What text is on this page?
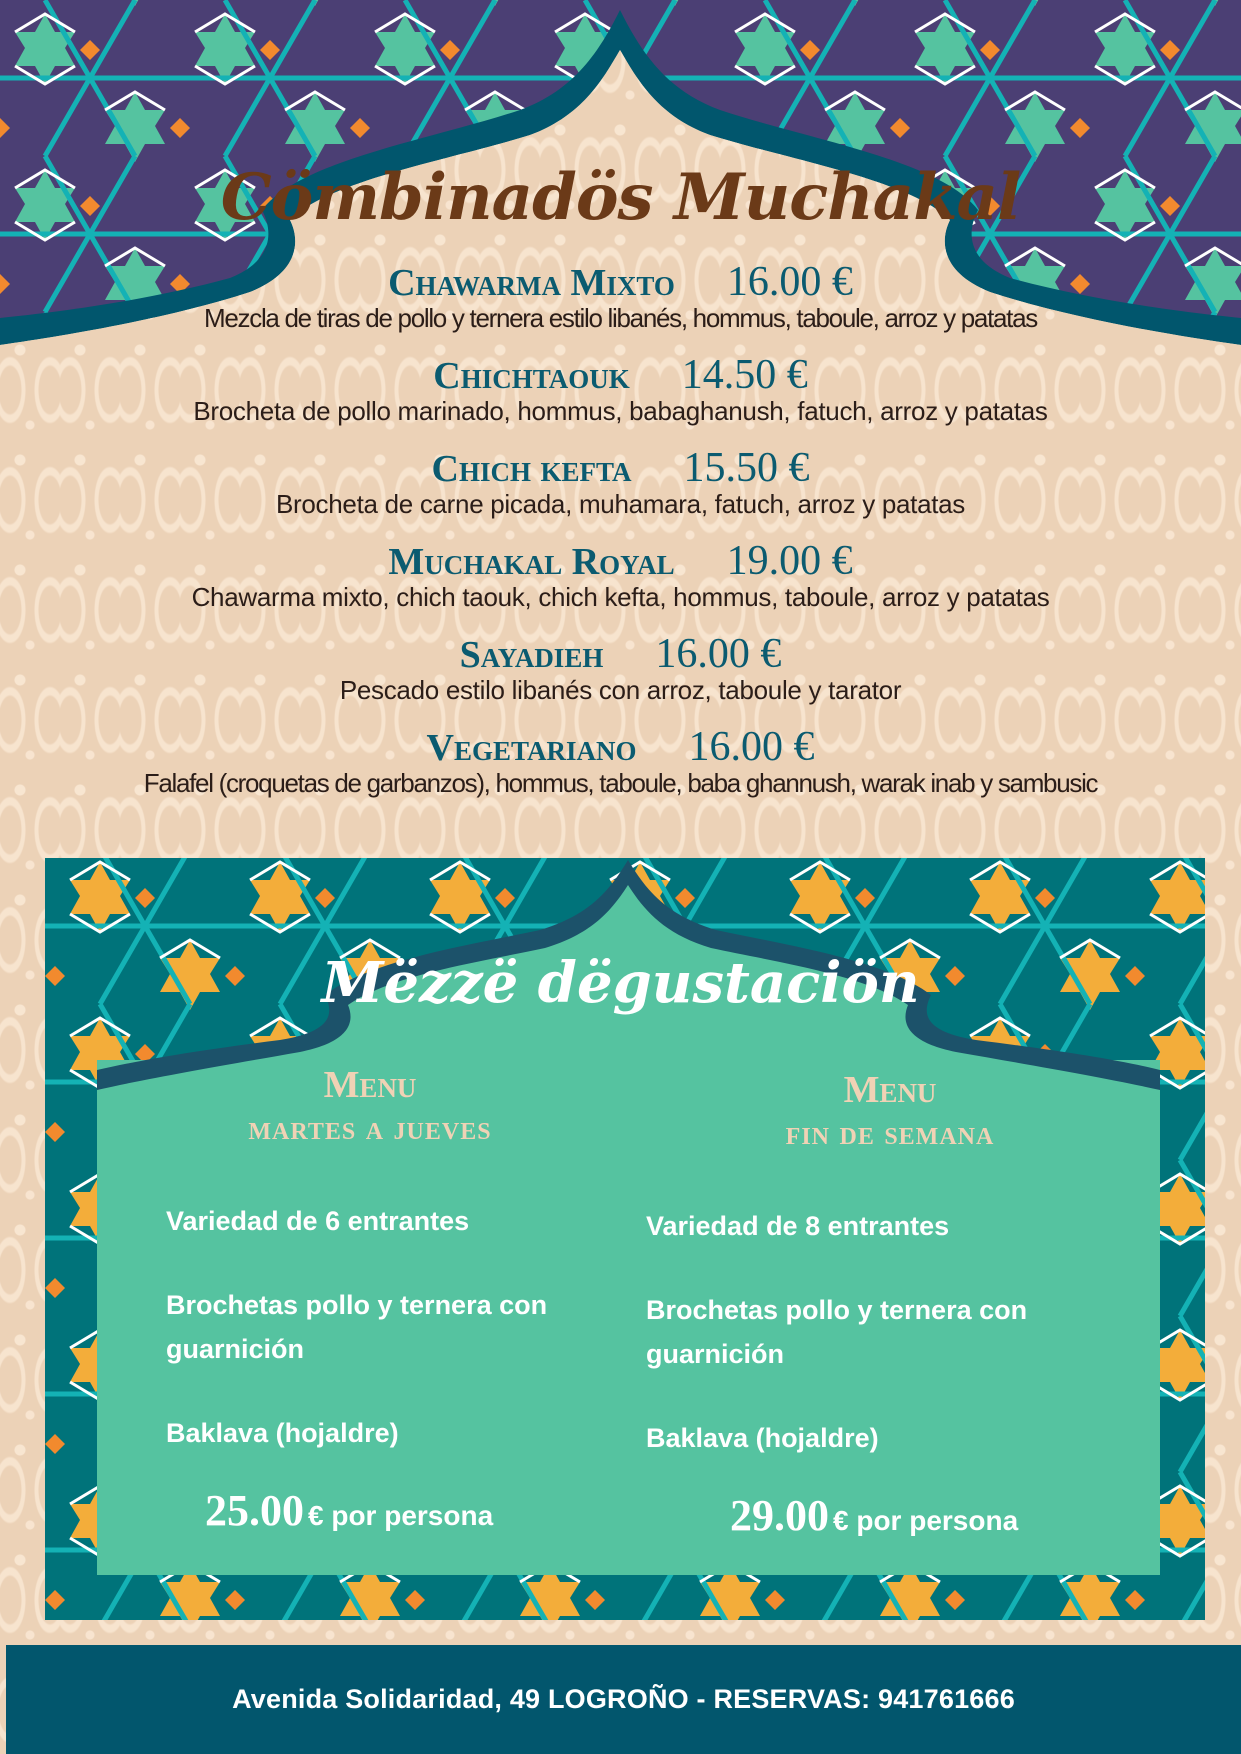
Cömbinadös Muchakal
Chawarma Mixto 16.00 €
Mezcla de tiras de pollo y ternera estilo libanés, hommus, taboule, arroz y patatas
Chichtaouk 14.50 €
Brocheta de pollo marinado, hommus, babaghanush, fatuch, arroz y patatas
Chich kefta 15.50 €
Brocheta de carne picada, muhamara, fatuch, arroz y patatas
Muchakal Royal 19.00 €
Chawarma mixto, chich taouk, chich kefta, hommus, taboule, arroz y patatas
Sayadieh 16.00 €
Pescado estilo libanés con arroz, taboule y tarator
Vegetariano 16.00 €
Falafel (croquetas de garbanzos), hommus, taboule, baba ghannush, warak inab y sambusic
Mëzzë dëgustaciön
Menu
martes a jueves
Variedad de 6 entrantes
Brochetas pollo y ternera con guarnición
Baklava (hojaldre)
25.00 € por persona
Menu
fin de semana
Variedad de 8 entrantes
Brochetas pollo y ternera con guarnición
Baklava (hojaldre)
29.00 € por persona
Avenida Solidaridad, 49 LOGROÑO - RESERVAS: 941761666
